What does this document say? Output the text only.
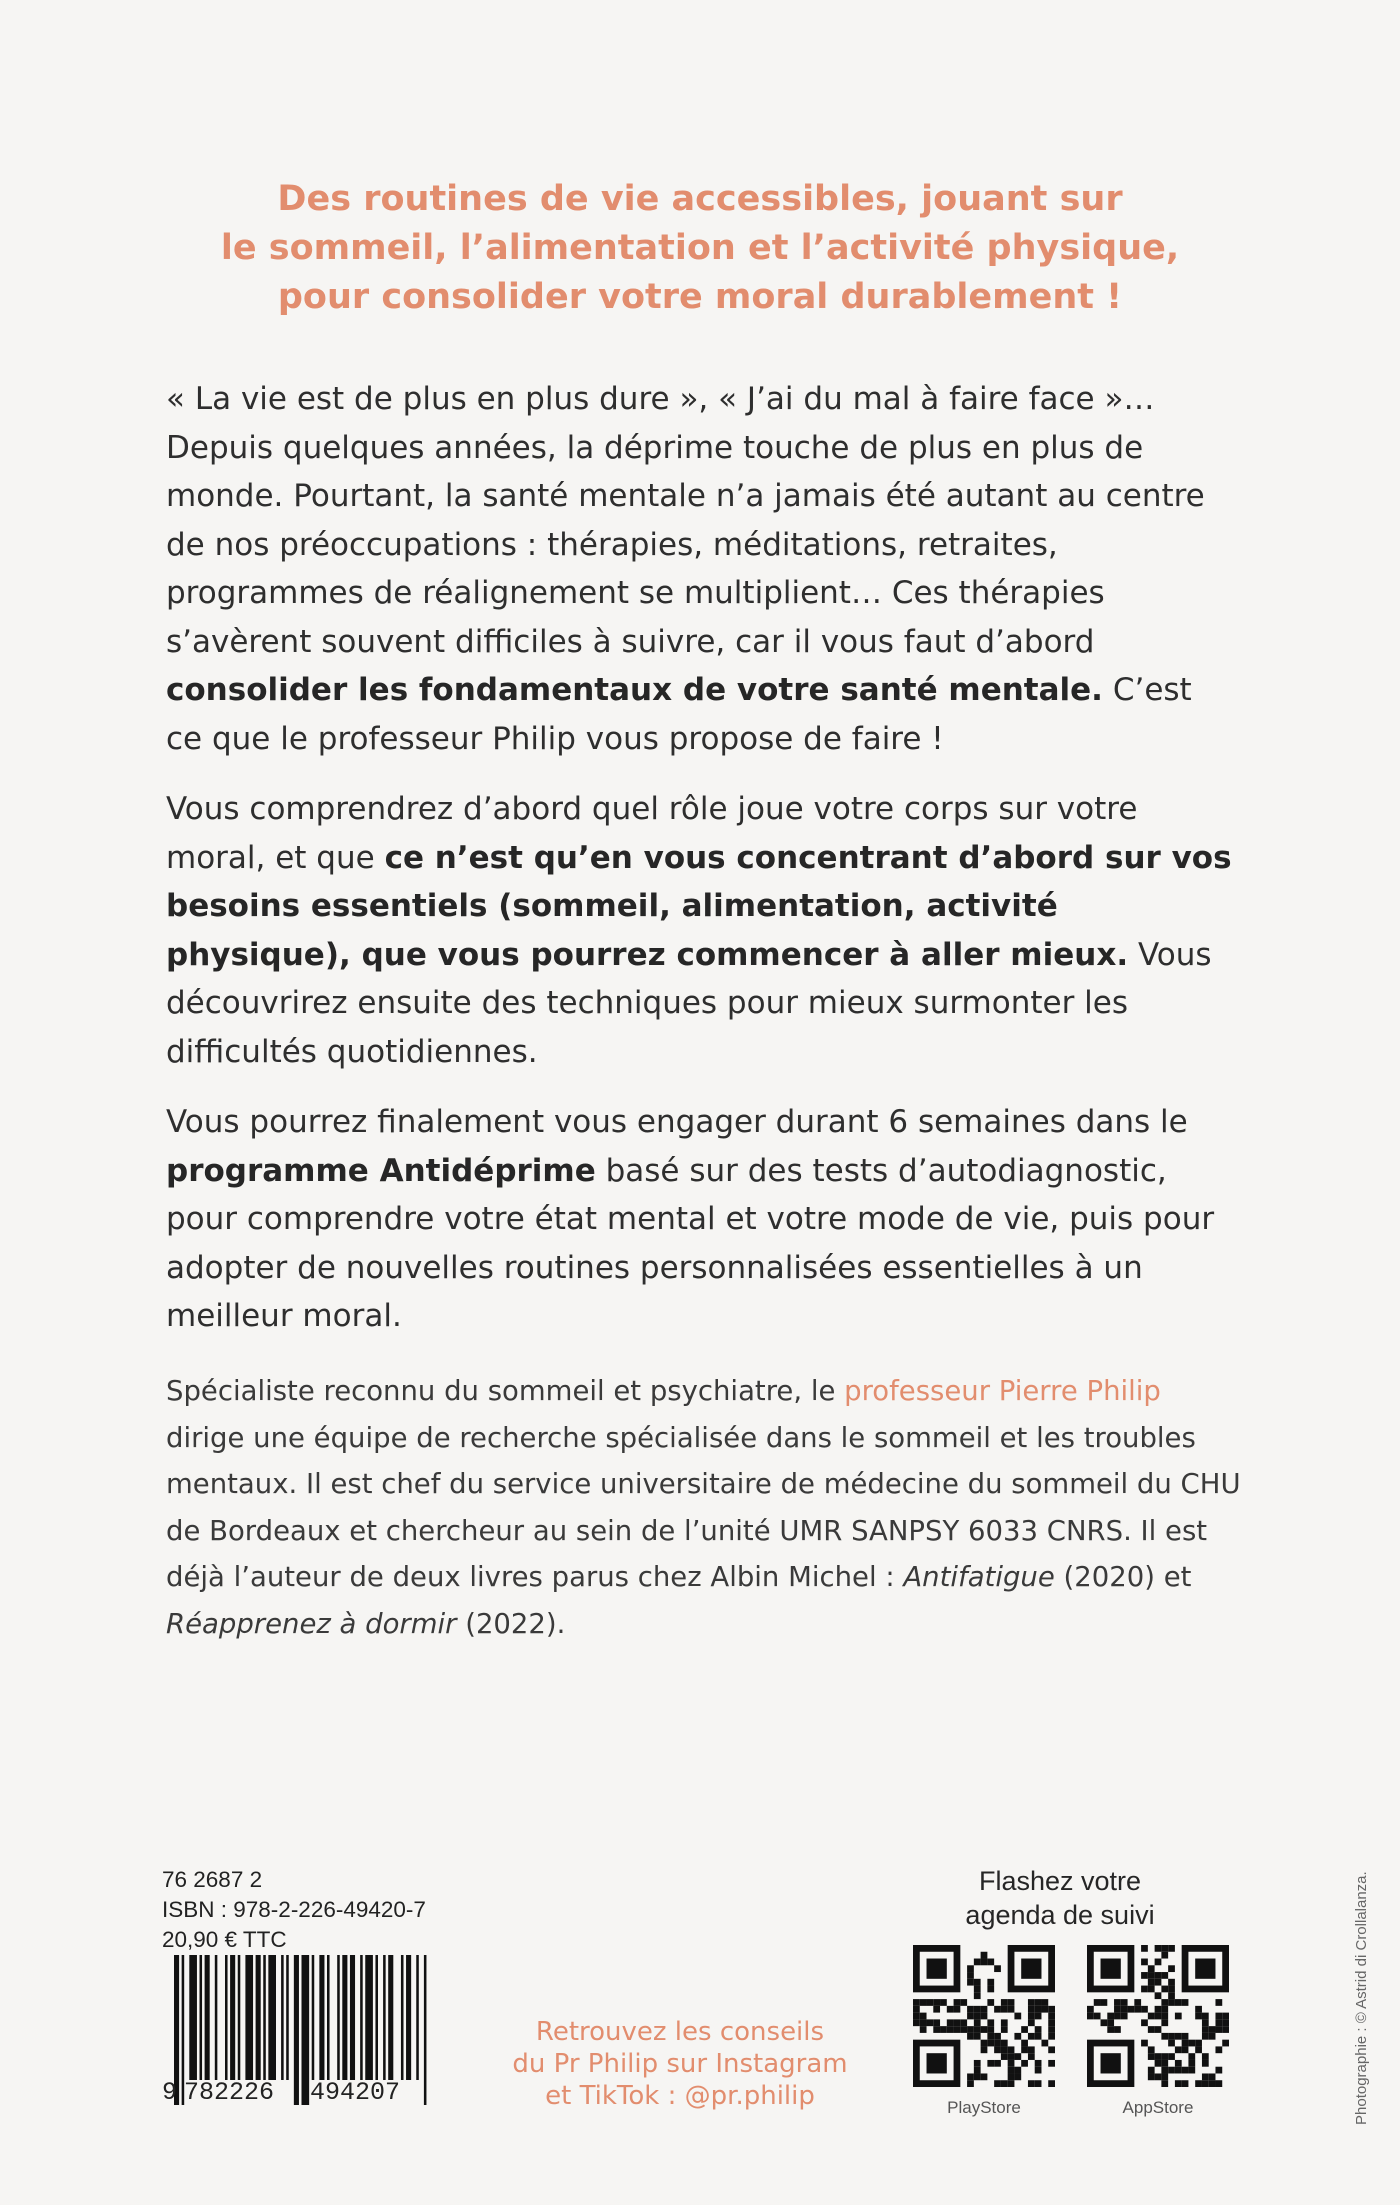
Des routines de vie accessibles, jouant sur
le sommeil, l’alimentation et l’activité physique,
pour consolider votre moral durablement !

« La vie est de plus en plus dure », « J’ai du mal à faire face »… Depuis quelques années, la déprime touche de plus en plus de monde. Pourtant, la santé mentale n’a jamais été autant au centre de nos préoccupations : thérapies, méditations, retraites, programmes de réalignement se multiplient… Ces thérapies s’avèrent souvent difficiles à suivre, car il vous faut d’abord consolider les fondamentaux de votre santé mentale. C’est ce que le professeur Philip vous propose de faire !

Vous comprendrez d’abord quel rôle joue votre corps sur votre moral, et que ce n’est qu’en vous concentrant d’abord sur vos besoins essentiels (sommeil, alimentation, activité physique), que vous pourrez commencer à aller mieux. Vous découvrirez ensuite des techniques pour mieux surmonter les difficultés quotidiennes.

Vous pourrez finalement vous engager durant 6 semaines dans le programme Antidéprime basé sur des tests d’autodiagnostic, pour comprendre votre état mental et votre mode de vie, puis pour adopter de nouvelles routines personnalisées essentielles à un meilleur moral.

Spécialiste reconnu du sommeil et psychiatre, le professeur Pierre Philip dirige une équipe de recherche spécialisée dans le sommeil et les troubles mentaux. Il est chef du service universitaire de médecine du sommeil du CHU de Bordeaux et chercheur au sein de l’unité UMR SANPSY 6033 CNRS. Il est déjà l’auteur de deux livres parus chez Albin Michel : Antifatigue (2020) et Réapprenez à dormir (2022).
76 2687 2
ISBN : 978-2-226-49420-7
20,90 € TTC
9 782226 494207
Retrouvez les conseils
du Pr Philip sur Instagram
et TikTok : @pr.philip
Flashez votre
agenda de suivi
PlayStore	AppStore	Photographie : © Astrid di Crollalanza.
